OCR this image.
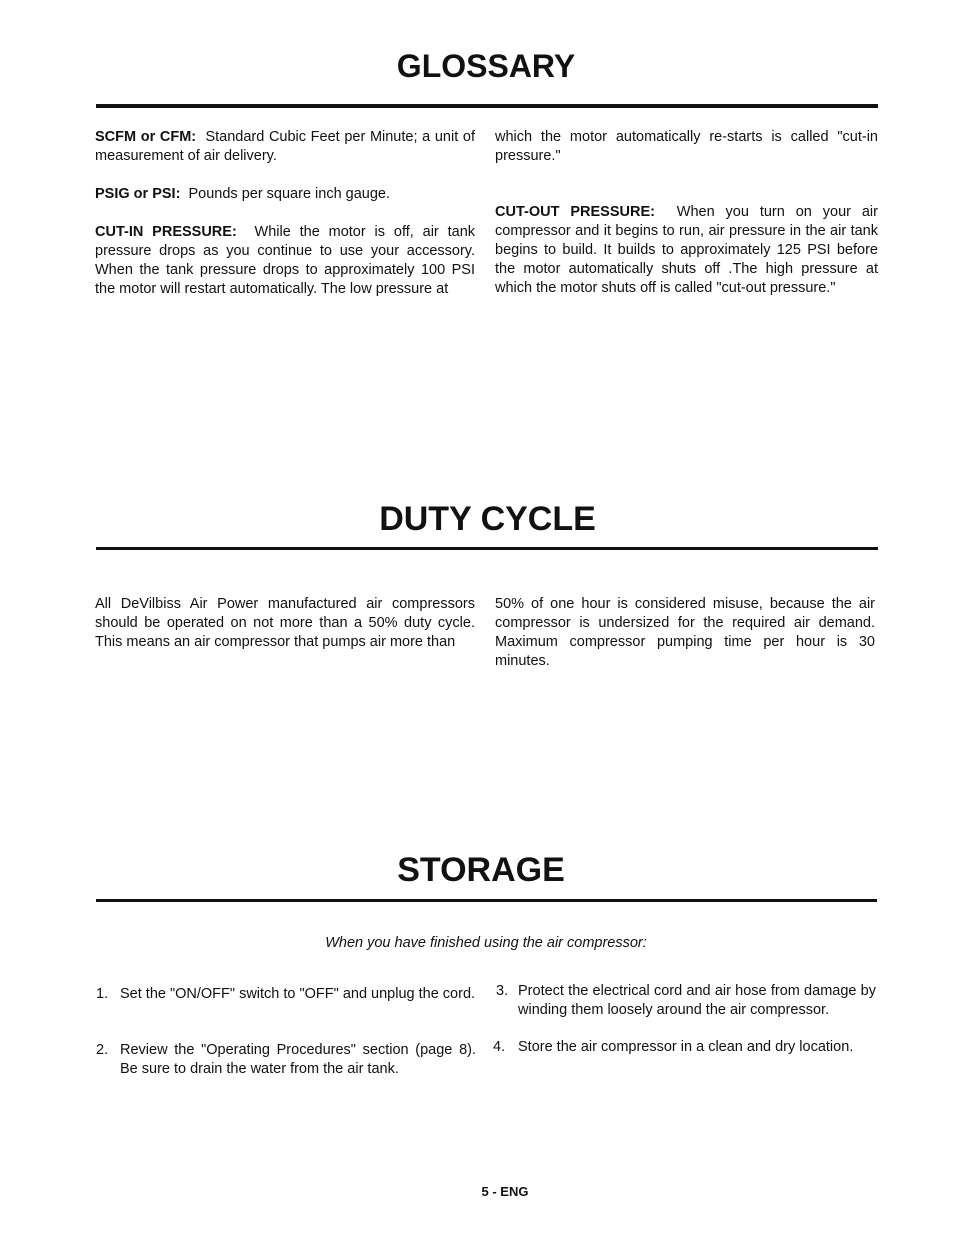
GLOSSARY

SCFM or CFM: Standard Cubic Feet per Minute; a unit of measurement of air delivery.

PSIG or PSI: Pounds per square inch gauge.

CUT-IN PRESSURE: While the motor is off, air tank pressure drops as you continue to use your accessory. When the tank pressure drops to approximately 100 PSI the motor will restart automatically. The low pressure at

which the motor automatically re-starts is called "cut-in pressure."

CUT-OUT PRESSURE: When you turn on your air compressor and it begins to run, air pressure in the air tank begins to build. It builds to approximately 125 PSI before the motor automatically shuts off .The high pressure at which the motor shuts off is called "cut-out pressure."

DUTY CYCLE

All DeVilbiss Air Power manufactured air compressors should be operated on not more than a 50% duty cycle. This means an air compressor that pumps air more than

50% of one hour is considered misuse, because the air compressor is undersized for the required air demand. Maximum compressor pumping time per hour is 30 minutes.

STORAGE
When you have finished using the air compressor:
1. Set the "ON/OFF" switch to "OFF" and unplug the cord.
2. Review the "Operating Procedures" section (page 8). Be sure to drain the water from the air tank.
3. Protect the electrical cord and air hose from damage by winding them loosely around the air compressor.
4. Store the air compressor in a clean and dry location.
5 - ENG
